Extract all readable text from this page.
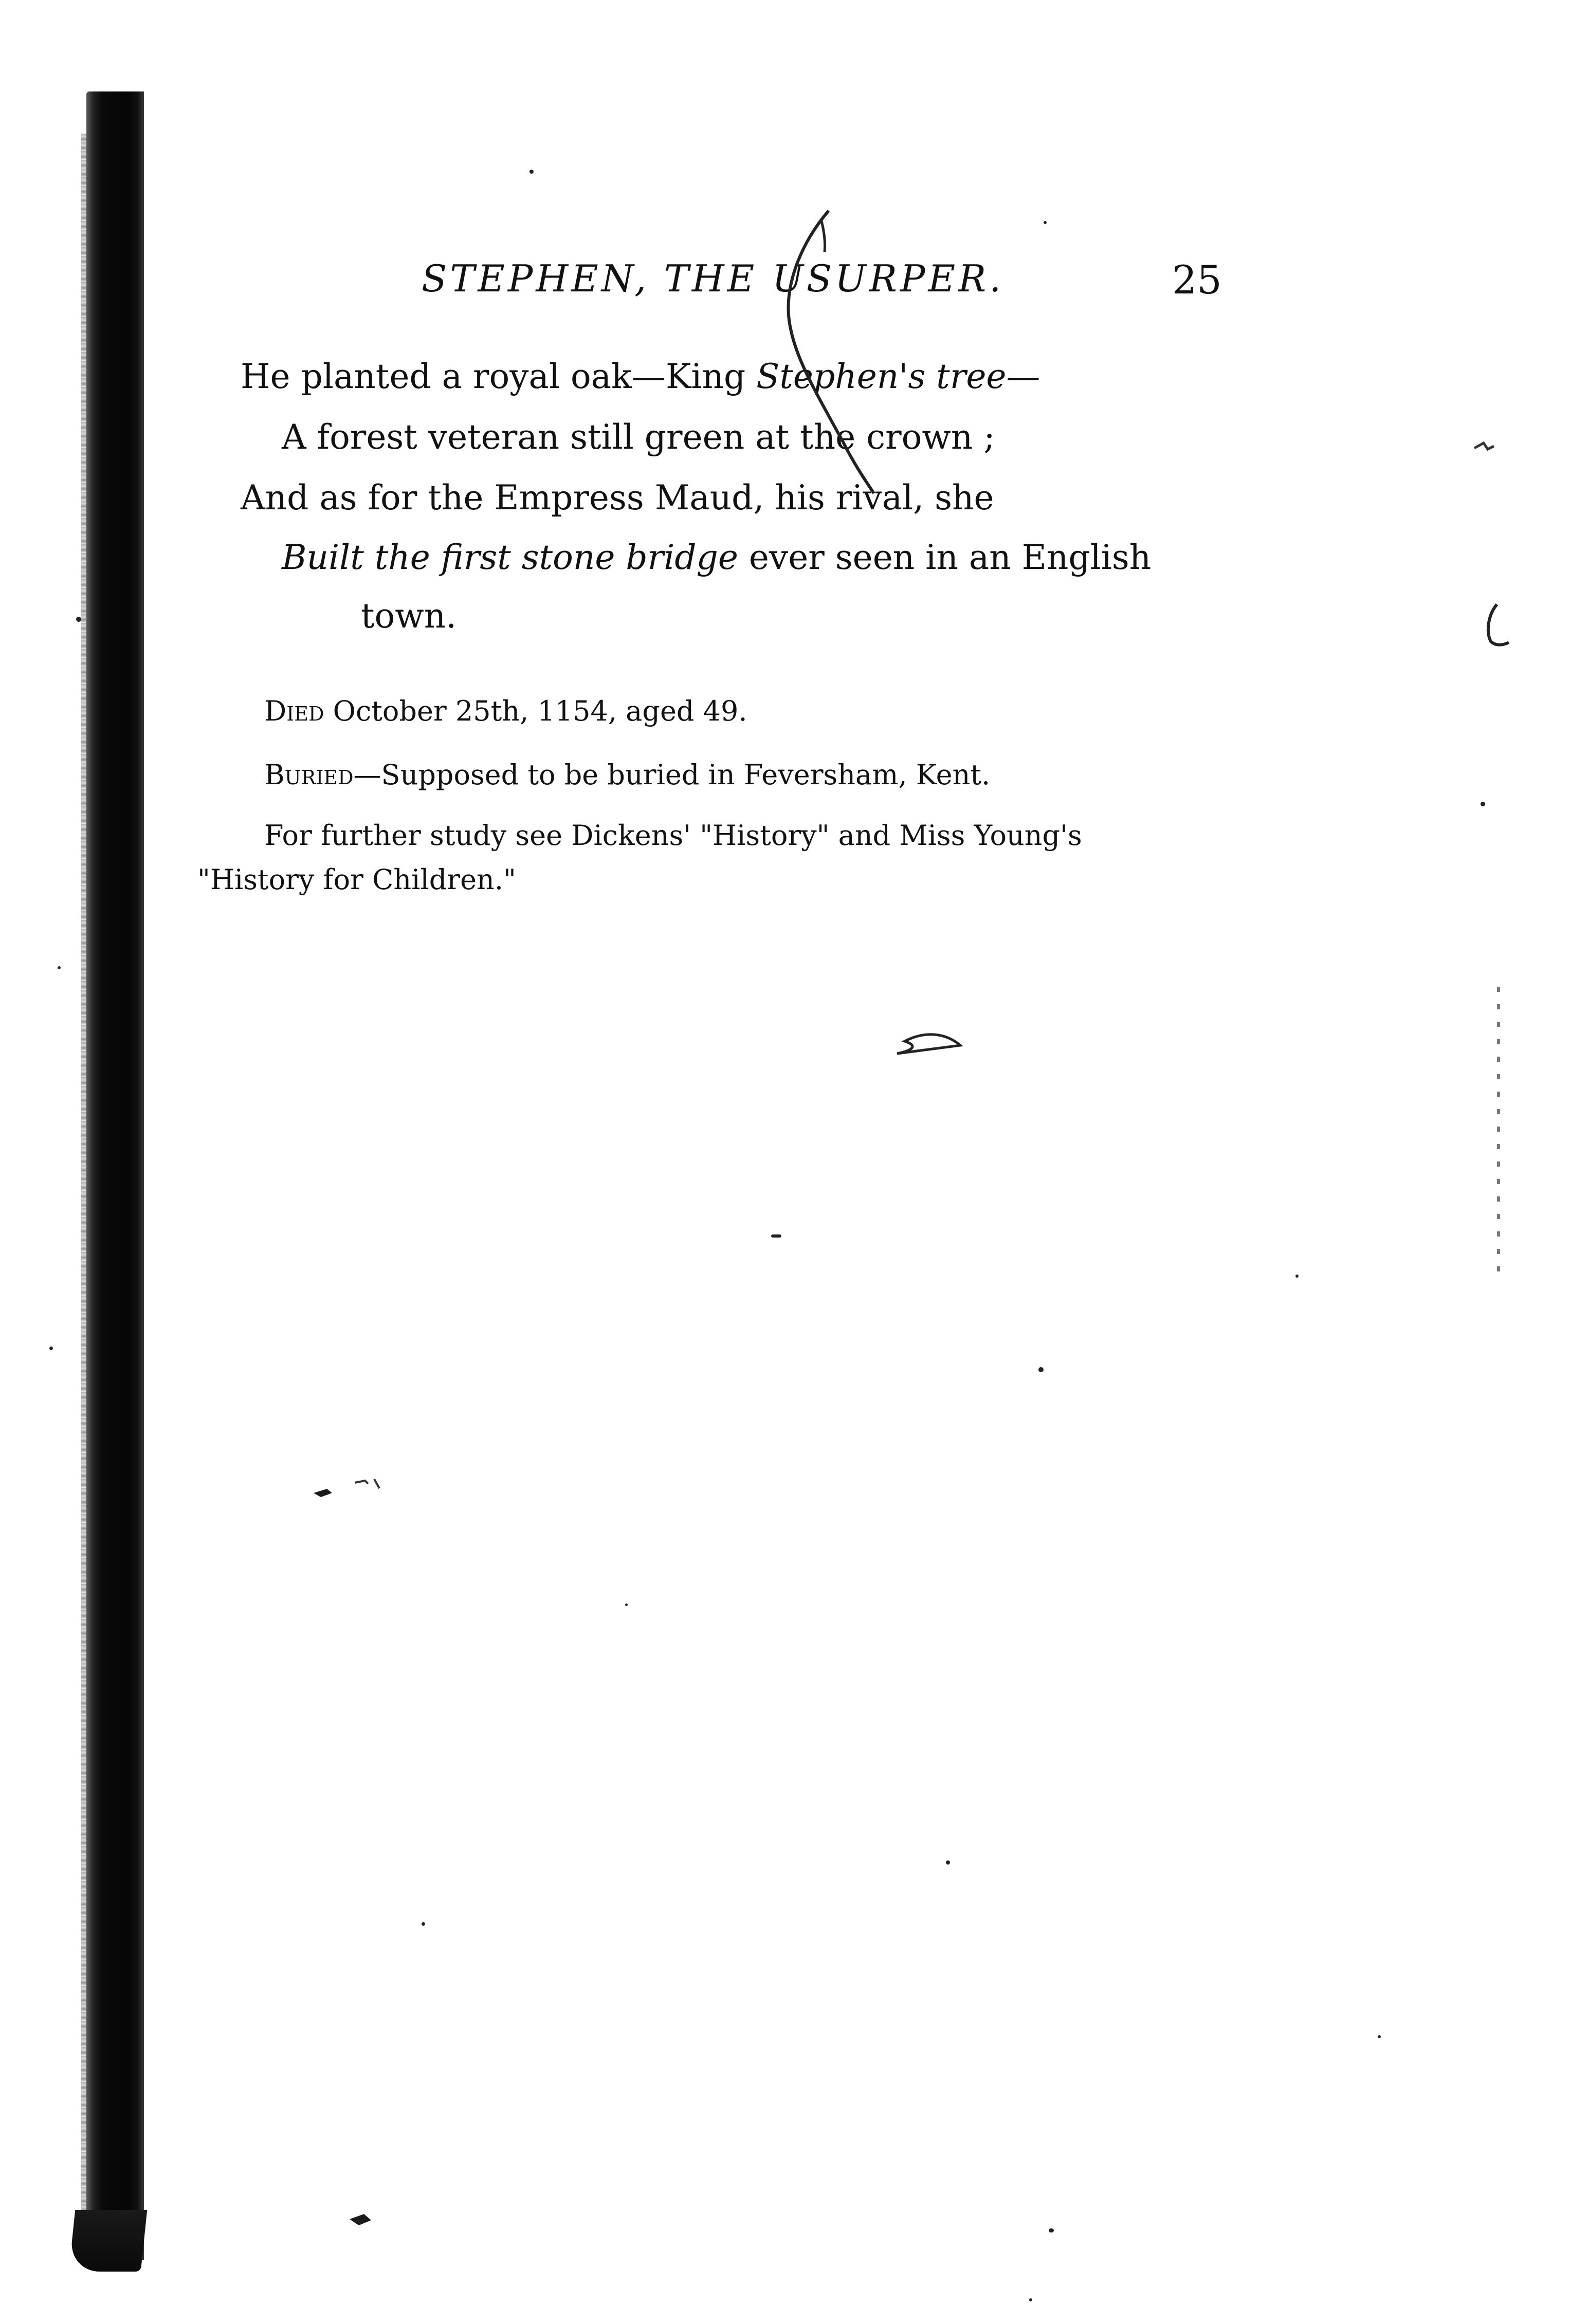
STEPHEN, THE USURPER.	25
He planted a royal oak—King Stephen's tree—
A forest veteran still green at the crown ;
And as for the Empress Maud, his rival, she
Built the first stone bridge ever seen in an English
town.
Died October 25th, 1154, aged 49.
Buried—Supposed to be buried in Feversham, Kent.
For further study see Dickens' "History" and Miss Young's
"History for Children."
